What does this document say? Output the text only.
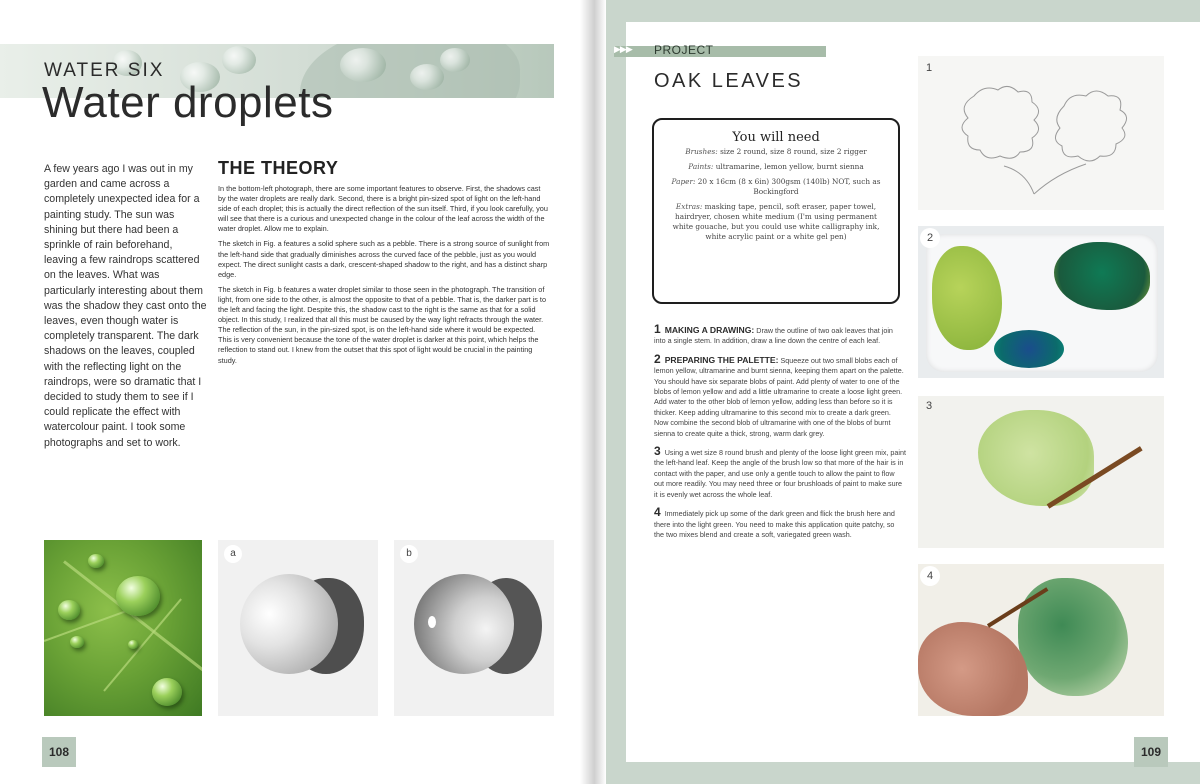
WATER SIX
Water droplets
A few years ago I was out in my garden and came across a completely unexpected idea for a painting study. The sun was shining but there had been a sprinkle of rain beforehand, leaving a few raindrops scattered on the leaves. What was particularly interesting about them was the shadow they cast onto the leaves, even though water is completely transparent. The dark shadows on the leaves, coupled with the reflecting light on the raindrops, were so dramatic that I decided to study them to see if I could replicate the effect with watercolour paint. I took some photographs and set to work.
THE THEORY

In the bottom-left photograph, there are some important features to observe. First, the shadows cast by the water droplets are really dark. Second, there is a bright pin-sized spot of light on the left-hand side of each droplet; this is actually the direct reflection of the sun itself. Third, if you look carefully, you will see that there is a curious and unexpected change in the colour of the leaf across the width of the water droplet. Allow me to explain.

The sketch in Fig. a features a solid sphere such as a pebble. There is a strong source of sunlight from the left-hand side that gradually diminishes across the curved face of the pebble, just as you would expect. The direct sunlight casts a dark, crescent-shaped shadow to the right, and has a distinct sharp edge.

The sketch in Fig. b features a water droplet similar to those seen in the photograph. The transition of light, from one side to the other, is almost the opposite to that of a pebble. That is, the darker part is to the left and facing the light. Despite this, the shadow cast to the right is the same as that for a solid object. In this study, I realized that all this must be caused by the way light refracts through the water. The reflection of the sun, in the pin-sized spot, is on the left-hand side where it would be expected. This is very convenient because the tone of the water droplet is darker at this point, which helps the reflection to stand out. I knew from the outset that this spot of light would be crucial in the painting study.

a	b
108
▶▶▶ PROJECT
OAK LEAVES
You will need
Brushes: size 2 round, size 8 round, size 2 rigger
Paints: ultramarine, lemon yellow, burnt sienna
Paper: 20 x 16cm (8 x 6in) 300gsm (140lb) NOT, such as Bockingford
Extras: masking tape, pencil, soft eraser, paper towel, hairdryer, chosen white medium (I'm using permanent white gouache, but you could use white calligraphy ink, white acrylic paint or a white gel pen)
1 MAKING A DRAWING: Draw the outline of two oak leaves that join into a single stem. In addition, draw a line down the centre of each leaf.
2 PREPARING THE PALETTE: Squeeze out two small blobs each of lemon yellow, ultramarine and burnt sienna, keeping them apart on the palette. You should have six separate blobs of paint. Add plenty of water to one of the blobs of lemon yellow and add a little ultramarine to create a loose light green. Add water to the other blob of lemon yellow, adding less than before so it is thicker. Keep adding ultramarine to this second mix to create a dark green. Now combine the second blob of ultramarine with one of the blobs of burnt sienna to create quite a thick, strong, warm dark grey.
3 Using a wet size 8 round brush and plenty of the loose light green mix, paint the left-hand leaf. Keep the angle of the brush low so that more of the hair is in contact with the paper, and use only a gentle touch to allow the paint to flow out more readily. You may need three or four brushloads of paint to make sure it is evenly wet across the whole leaf.
4 Immediately pick up some of the dark green and flick the brush here and there into the light green. You need to make this application quite patchy, so the two mixes blend and create a soft, variegated green wash.
1
2
3
4
109
